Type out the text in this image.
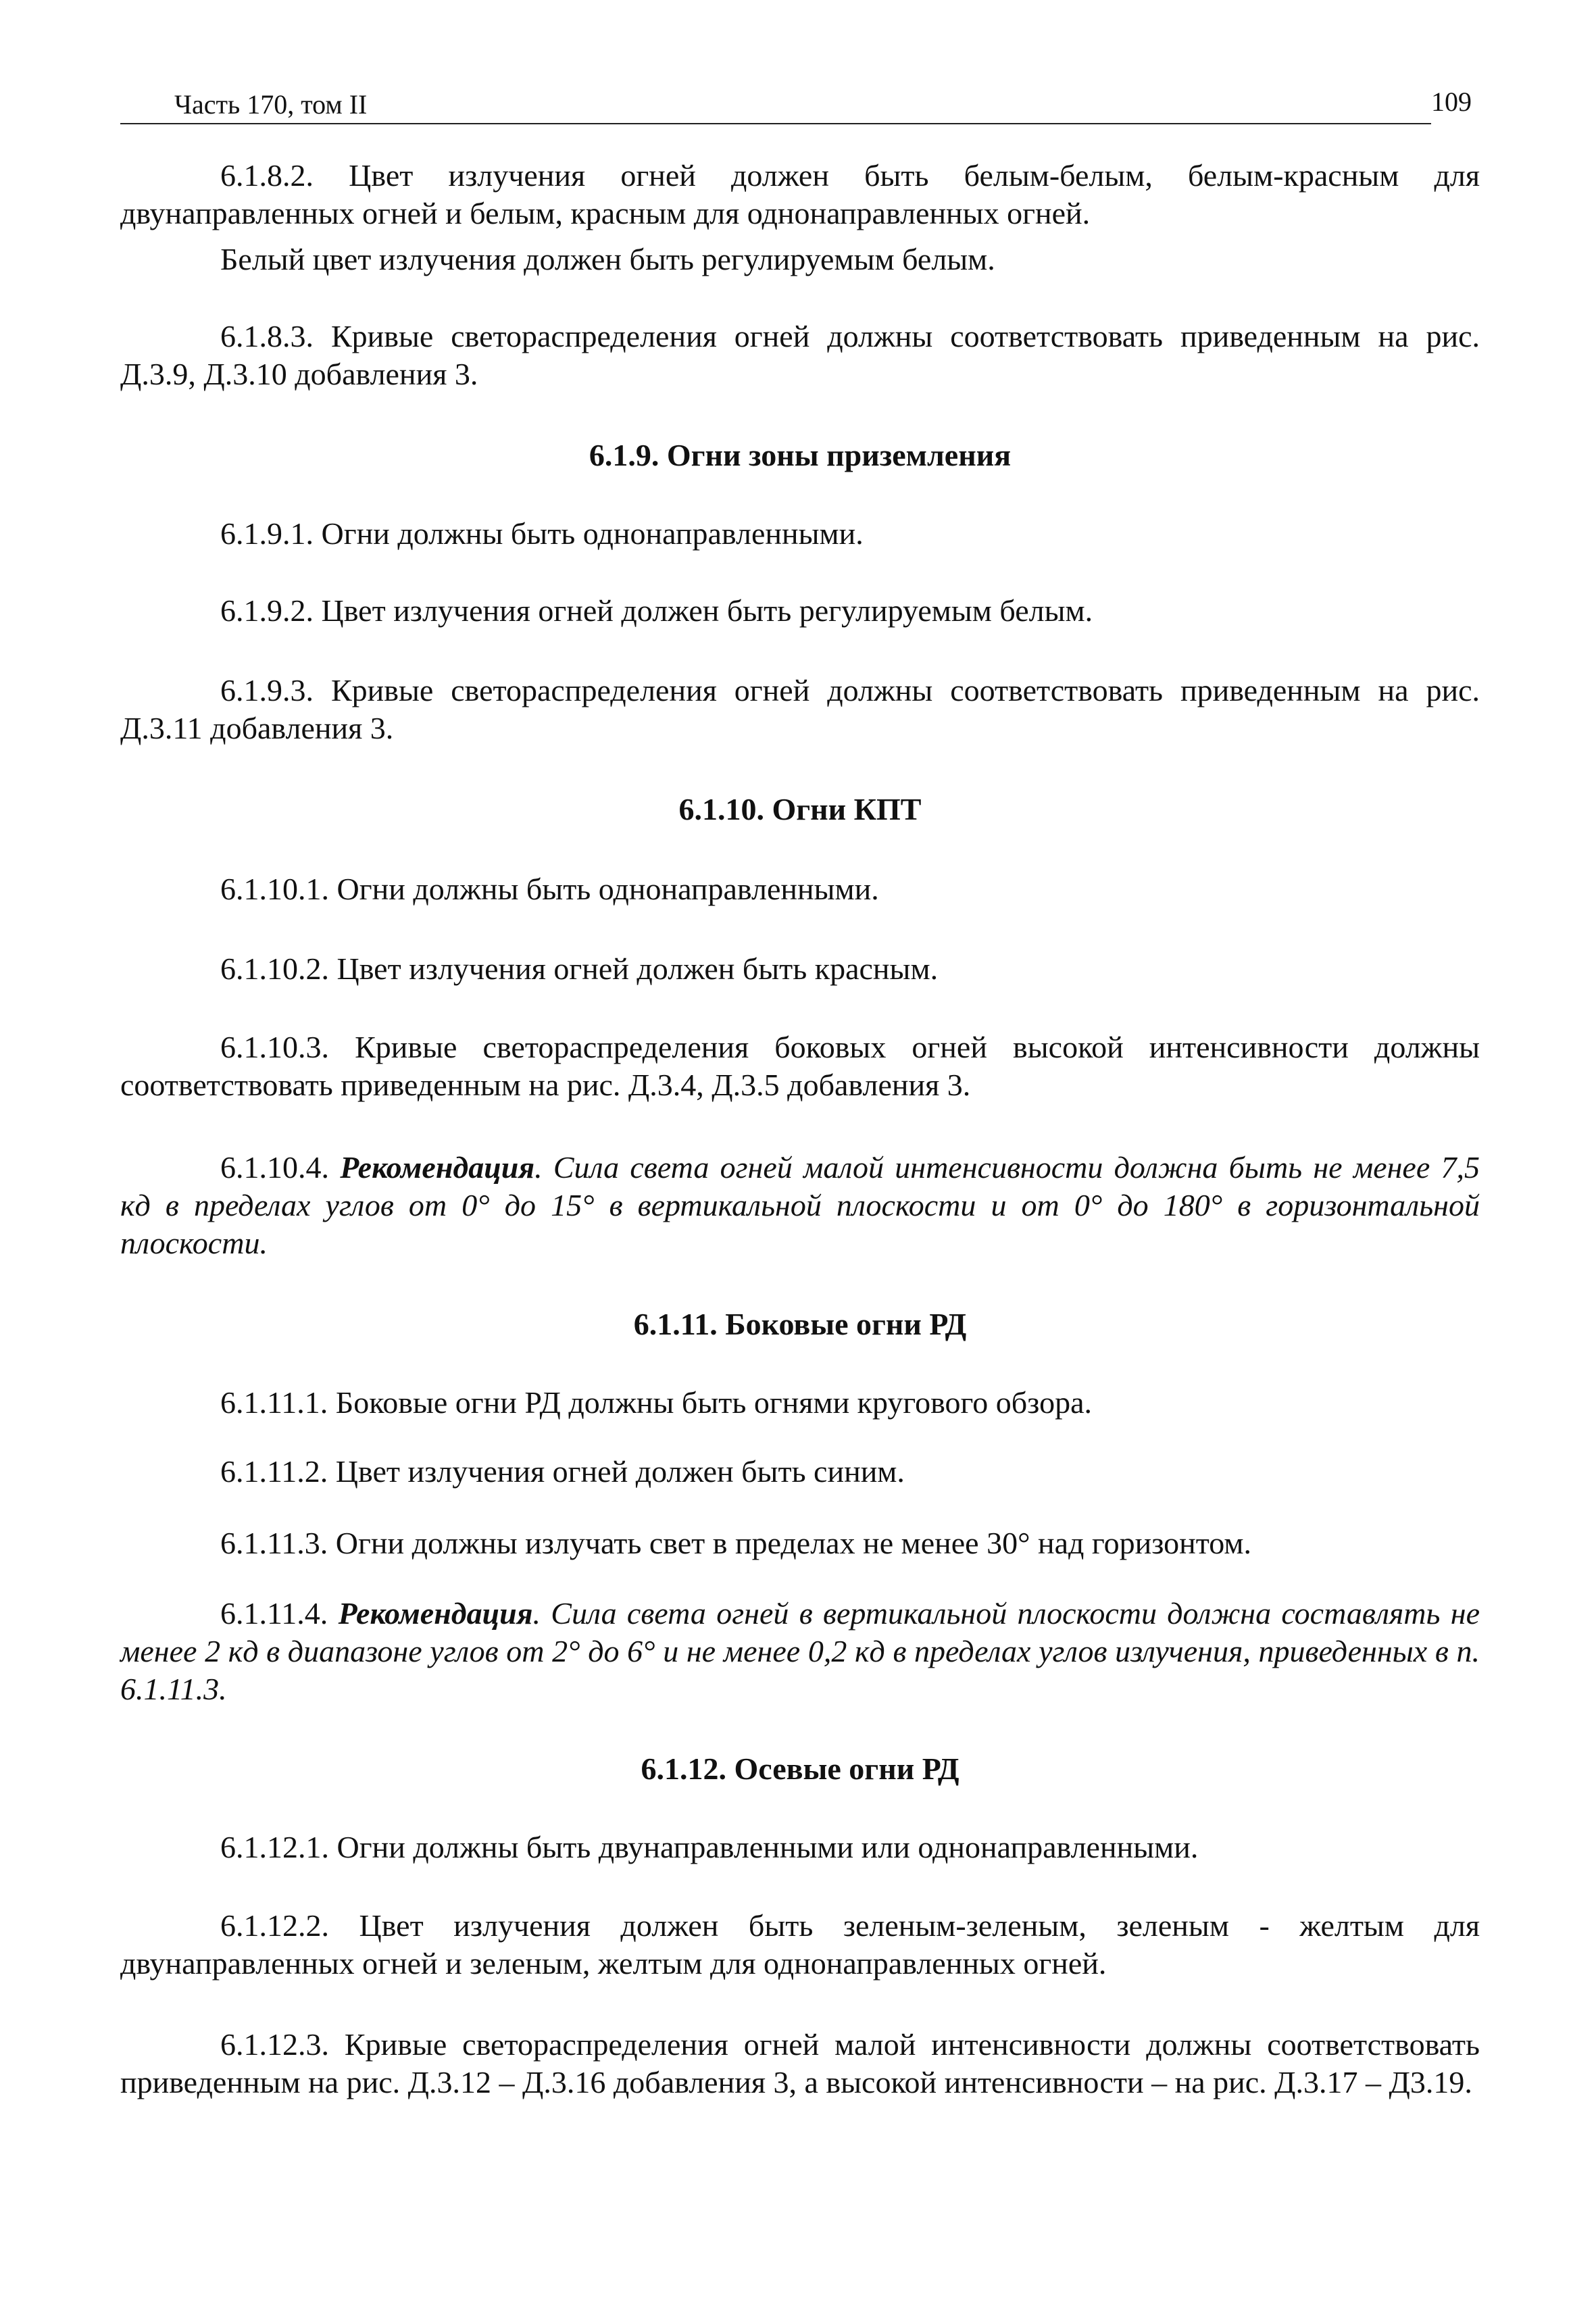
Часть 170, том II	109

6.1.8.2. Цвет излучения огней должен быть белым-белым, белым-красным для двунаправленных огней и белым, красным для однонаправленных огней.

Белый цвет излучения должен быть регулируемым белым.

6.1.8.3. Кривые светораспределения огней должны соответствовать приведенным на рис. Д.3.9, Д.3.10 добавления 3.

6.1.9. Огни зоны приземления

6.1.9.1. Огни должны быть однонаправленными.

6.1.9.2. Цвет излучения огней должен быть регулируемым белым.

6.1.9.3. Кривые светораспределения огней должны соответствовать приведенным на рис. Д.3.11 добавления 3.

6.1.10. Огни КПТ

6.1.10.1. Огни должны быть однонаправленными.

6.1.10.2. Цвет излучения огней должен быть красным.

6.1.10.3. Кривые светораспределения боковых огней высокой интенсивности должны соответствовать приведенным на рис. Д.3.4, Д.3.5 добавления 3.

6.1.10.4. Рекомендация. Сила света огней малой интенсивности должна быть не менее 7,5 кд в пределах углов от 0° до 15° в вертикальной плоскости и от 0° до 180° в горизонтальной плоскости.

6.1.11. Боковые огни РД

6.1.11.1. Боковые огни РД должны быть огнями кругового обзора.

6.1.11.2. Цвет излучения огней должен быть синим.

6.1.11.3. Огни должны излучать свет в пределах не менее 30° над горизонтом.

6.1.11.4. Рекомендация. Сила света огней в вертикальной плоскости должна составлять не менее 2 кд в диапазоне углов от 2° до 6° и не менее 0,2 кд в пределах углов излучения, приведенных в п. 6.1.11.3.

6.1.12. Осевые огни РД

6.1.12.1. Огни должны быть двунаправленными или однонаправленными.

6.1.12.2. Цвет излучения должен быть зеленым-зеленым, зеленым - желтым для двунаправленных огней и зеленым, желтым для однонаправленных огней.

6.1.12.3. Кривые светораспределения огней малой интенсивности должны соответствовать приведенным на рис. Д.3.12 – Д.3.16 добавления 3, а высокой интенсивности – на рис. Д.3.17 – Д3.19.
